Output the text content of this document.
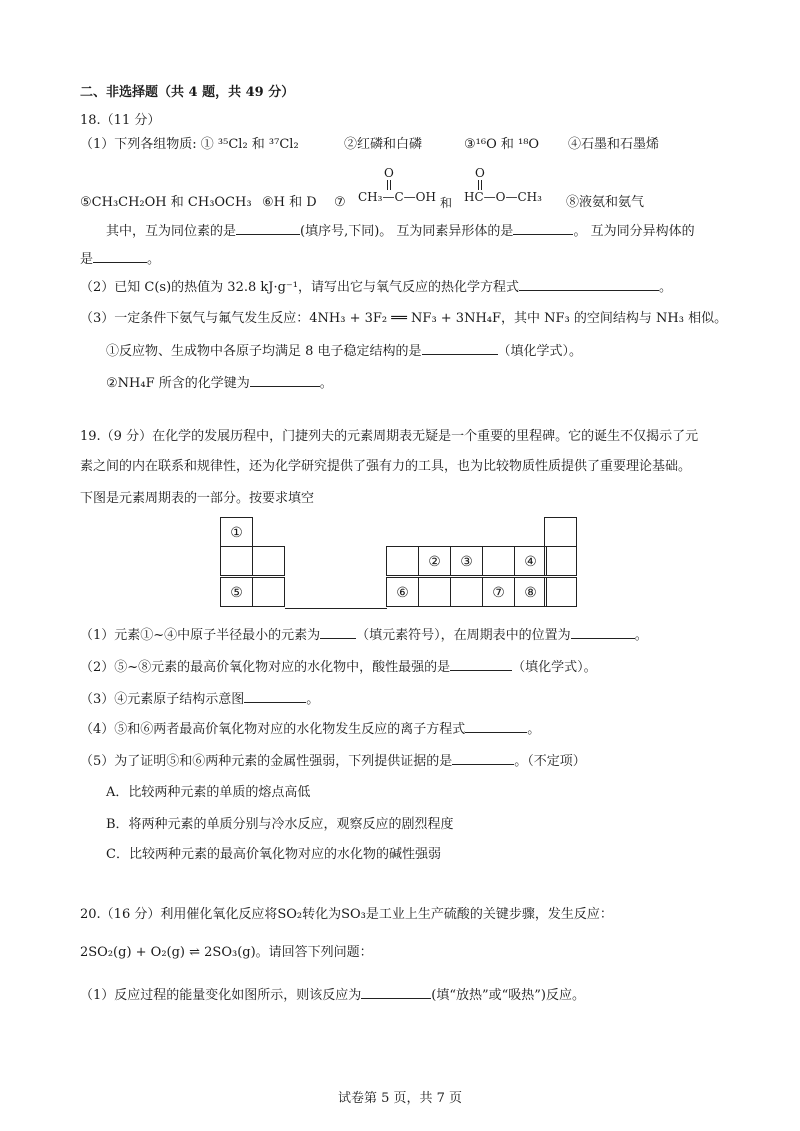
二、非选择题（共 4 题，共 49 分）
18.（11 分）
（1）下列各组物质: ① ³⁵Cl₂ 和 ³⁷Cl₂	②红磷和白磷	③¹⁶O 和 ¹⁸O ④石墨和石墨烯
O
CH₃—C—OH
O
HC—O—CH₃
⑤CH₃CH₂OH 和 CH₃OCH₃ ⑥H 和 D ⑦	和	⑧液氨和氨气
其中，互为同位素的是	(填序号,下同)。 互为同素异形体的是	。 互为同分异构体的
是	。
（2）已知 C(s)的热值为 32.8 kJ·g⁻¹，请写出它与氧气反应的热化学方程式	。
（3）一定条件下氨气与氟气发生反应：4NH₃ + 3F₂ ══ NF₃ + 3NH₄F，其中 NF₃ 的空间结构与 NH₃ 相似。
①反应物、生成物中各原子均满足 8 电子稳定结构的是	（填化学式）。
②NH₄F 所含的化学键为	。
19.（9 分）在化学的发展历程中，门捷列夫的元素周期表无疑是一个重要的里程碑。它的诞生不仅揭示了元
素之间的内在联系和规律性，还为化学研究提供了强有力的工具，也为比较物质性质提供了重要理论基础。
下图是元素周期表的一部分。按要求填空
①
⑤
②	③	④
⑥	⑦	⑧
（1）元素①~④中原子半径最小的元素为	（填元素符号），在周期表中的位置为	。
（2）⑤~⑧元素的最高价氧化物对应的水化物中，酸性最强的是	（填化学式）。
（3）④元素原子结构示意图	。
（4）⑤和⑥两者最高价氧化物对应的水化物发生反应的离子方程式	。
（5）为了证明⑤和⑥两种元素的金属性强弱，下列提供证据的是	。（不定项）
A．比较两种元素的单质的熔点高低
B．将两种元素的单质分别与冷水反应，观察反应的剧烈程度
C．比较两种元素的最高价氧化物对应的水化物的碱性强弱
20.（16 分）利用催化氧化反应将SO₂转化为SO₃是工业上生产硫酸的关键步骤，发生反应：
2SO₂(g) + O₂(g) ⇌ 2SO₃(g)。请回答下列问题：
（1）反应过程的能量变化如图所示，则该反应为	(填“放热”或“吸热”)反应。
试卷第 5 页，共 7 页
